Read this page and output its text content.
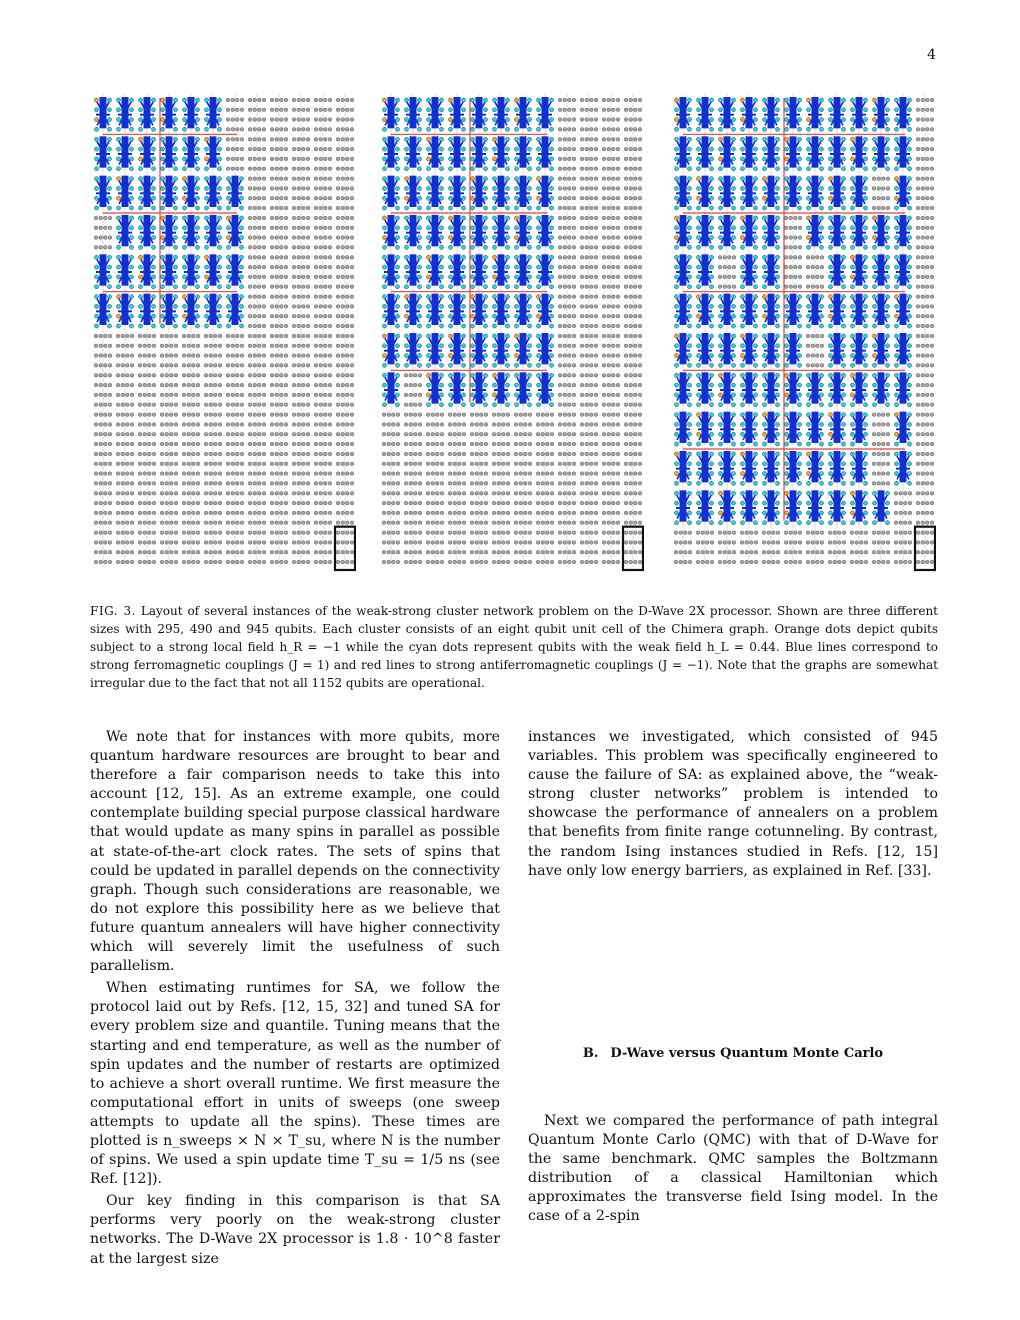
4
FIG. 3. Layout of several instances of the weak-strong cluster network problem on the D-Wave 2X processor. Shown are three different sizes with 295, 490 and 945 qubits. Each cluster consists of an eight qubit unit cell of the Chimera graph. Orange dots depict qubits subject to a strong local field h_R = −1 while the cyan dots represent qubits with the weak field h_L = 0.44. Blue lines correspond to strong ferromagnetic couplings (J = 1) and red lines to strong antiferromagnetic couplings (J = −1). Note that the graphs are somewhat irregular due to the fact that not all 1152 qubits are operational.

We note that for instances with more qubits, more quantum hardware resources are brought to bear and therefore a fair comparison needs to take this into account [12, 15]. As an extreme example, one could contemplate building special purpose classical hardware that would update as many spins in parallel as possible at state-of-the-art clock rates. The sets of spins that could be updated in parallel depends on the connectivity graph. Though such considerations are reasonable, we do not explore this possibility here as we believe that future quantum annealers will have higher connectivity which will severely limit the usefulness of such parallelism.

When estimating runtimes for SA, we follow the protocol laid out by Refs. [12, 15, 32] and tuned SA for every problem size and quantile. Tuning means that the starting and end temperature, as well as the number of spin updates and the number of restarts are optimized to achieve a short overall runtime. We first measure the computational effort in units of sweeps (one sweep attempts to update all the spins). These times are plotted is n_sweeps × N × T_su, where N is the number of spins. We used a spin update time T_su = 1/5 ns (see Ref. [12]).

Our key finding in this comparison is that SA performs very poorly on the weak-strong cluster networks. The D-Wave 2X processor is 1.8 · 10^8 faster at the largest size

instances we investigated, which consisted of 945 variables. This problem was specifically engineered to cause the failure of SA: as explained above, the “weak-strong cluster networks” problem is intended to showcase the performance of annealers on a problem that benefits from finite range cotunneling. By contrast, the random Ising instances studied in Refs. [12, 15] have only low energy barriers, as explained in Ref. [33].

B. D-Wave versus Quantum Monte Carlo

Next we compared the performance of path integral Quantum Monte Carlo (QMC) with that of D-Wave for the same benchmark. QMC samples the Boltzmann distribution of a classical Hamiltonian which approximates the transverse field Ising model. In the case of a 2-spin
